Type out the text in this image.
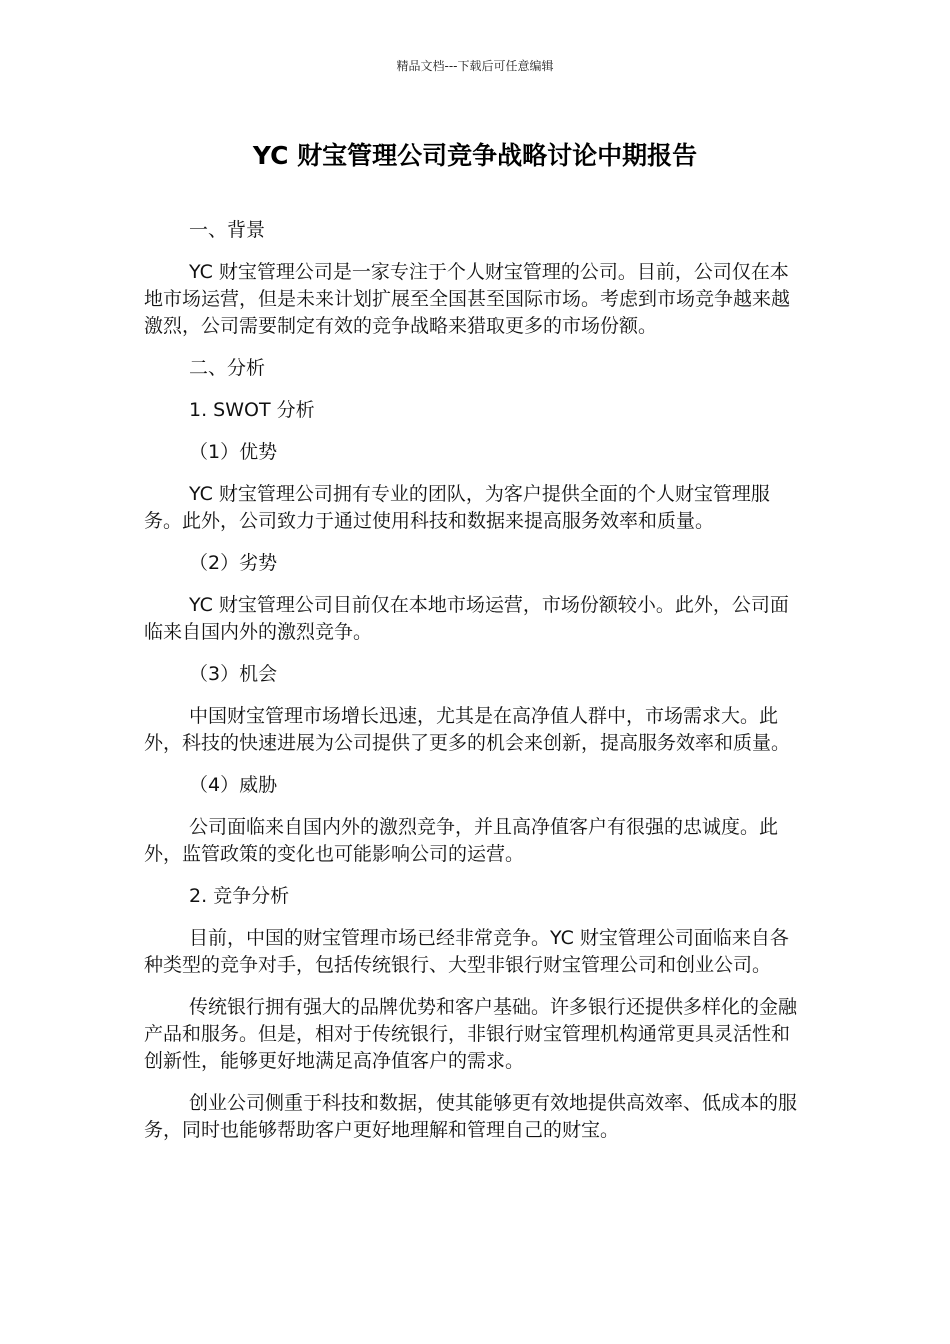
精品文档---下载后可任意编辑
YC 财宝管理公司竞争战略讨论中期报告

一、背景

YC 财宝管理公司是一家专注于个人财宝管理的公司。目前，公司仅在本地市场运营，但是未来计划扩展至全国甚至国际市场。考虑到市场竞争越来越激烈，公司需要制定有效的竞争战略来猎取更多的市场份额。

二、分析

1. SWOT 分析

（1）优势

YC 财宝管理公司拥有专业的团队，为客户提供全面的个人财宝管理服务。此外，公司致力于通过使用科技和数据来提高服务效率和质量。

（2）劣势

YC 财宝管理公司目前仅在本地市场运营，市场份额较小。此外，公司面临来自国内外的激烈竞争。

（3）机会

中国财宝管理市场增长迅速，尤其是在高净值人群中，市场需求大。此外，科技的快速进展为公司提供了更多的机会来创新，提高服务效率和质量。

（4）威胁

公司面临来自国内外的激烈竞争，并且高净值客户有很强的忠诚度。此外，监管政策的变化也可能影响公司的运营。

2. 竞争分析

目前，中国的财宝管理市场已经非常竞争。YC 财宝管理公司面临来自各种类型的竞争对手，包括传统银行、大型非银行财宝管理公司和创业公司。

传统银行拥有强大的品牌优势和客户基础。许多银行还提供多样化的金融产品和服务。但是，相对于传统银行，非银行财宝管理机构通常更具灵活性和创新性，能够更好地满足高净值客户的需求。

创业公司侧重于科技和数据，使其能够更有效地提供高效率、低成本的服务，同时也能够帮助客户更好地理解和管理自己的财宝。
